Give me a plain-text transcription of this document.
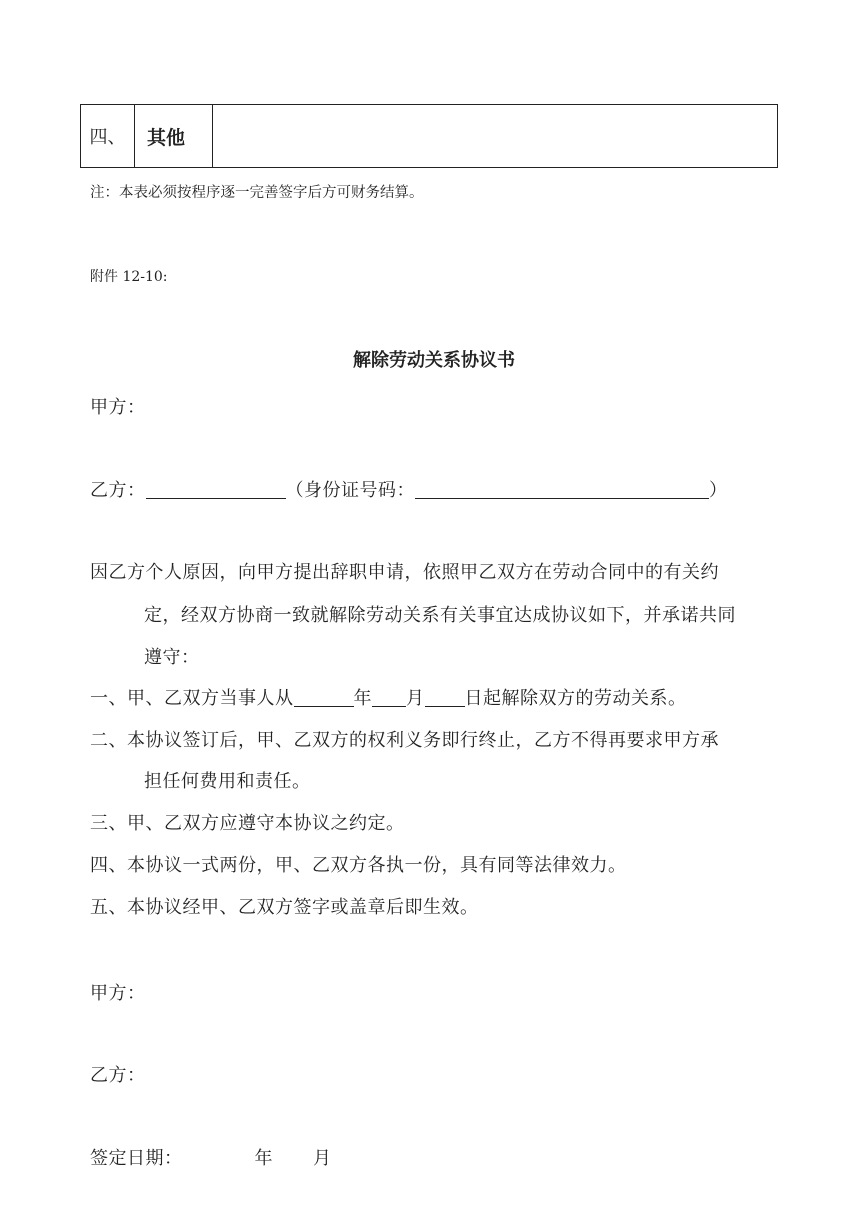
四、	其他
注：本表必须按程序逐一完善签字后方可财务结算。
附件 12-10:
解除劳动关系协议书
甲方：
乙方：	（身份证号码：	）
因乙方个人原因，向甲方提出辞职申请，依照甲乙双方在劳动合同中的有关约
定，经双方协商一致就解除劳动关系有关事宜达成协议如下，并承诺共同
遵守：
一、甲、乙双方当事人从	年 月 日起解除双方的劳动关系。
二、本协议签订后，甲、乙双方的权利义务即行终止，乙方不得再要求甲方承
担任何费用和责任。
三、甲、乙双方应遵守本协议之约定。
四、本协议一式两份，甲、乙双方各执一份，具有同等法律效力。
五、本协议经甲、乙双方签字或盖章后即生效。
甲方：
乙方：
签定日期：	年 月
